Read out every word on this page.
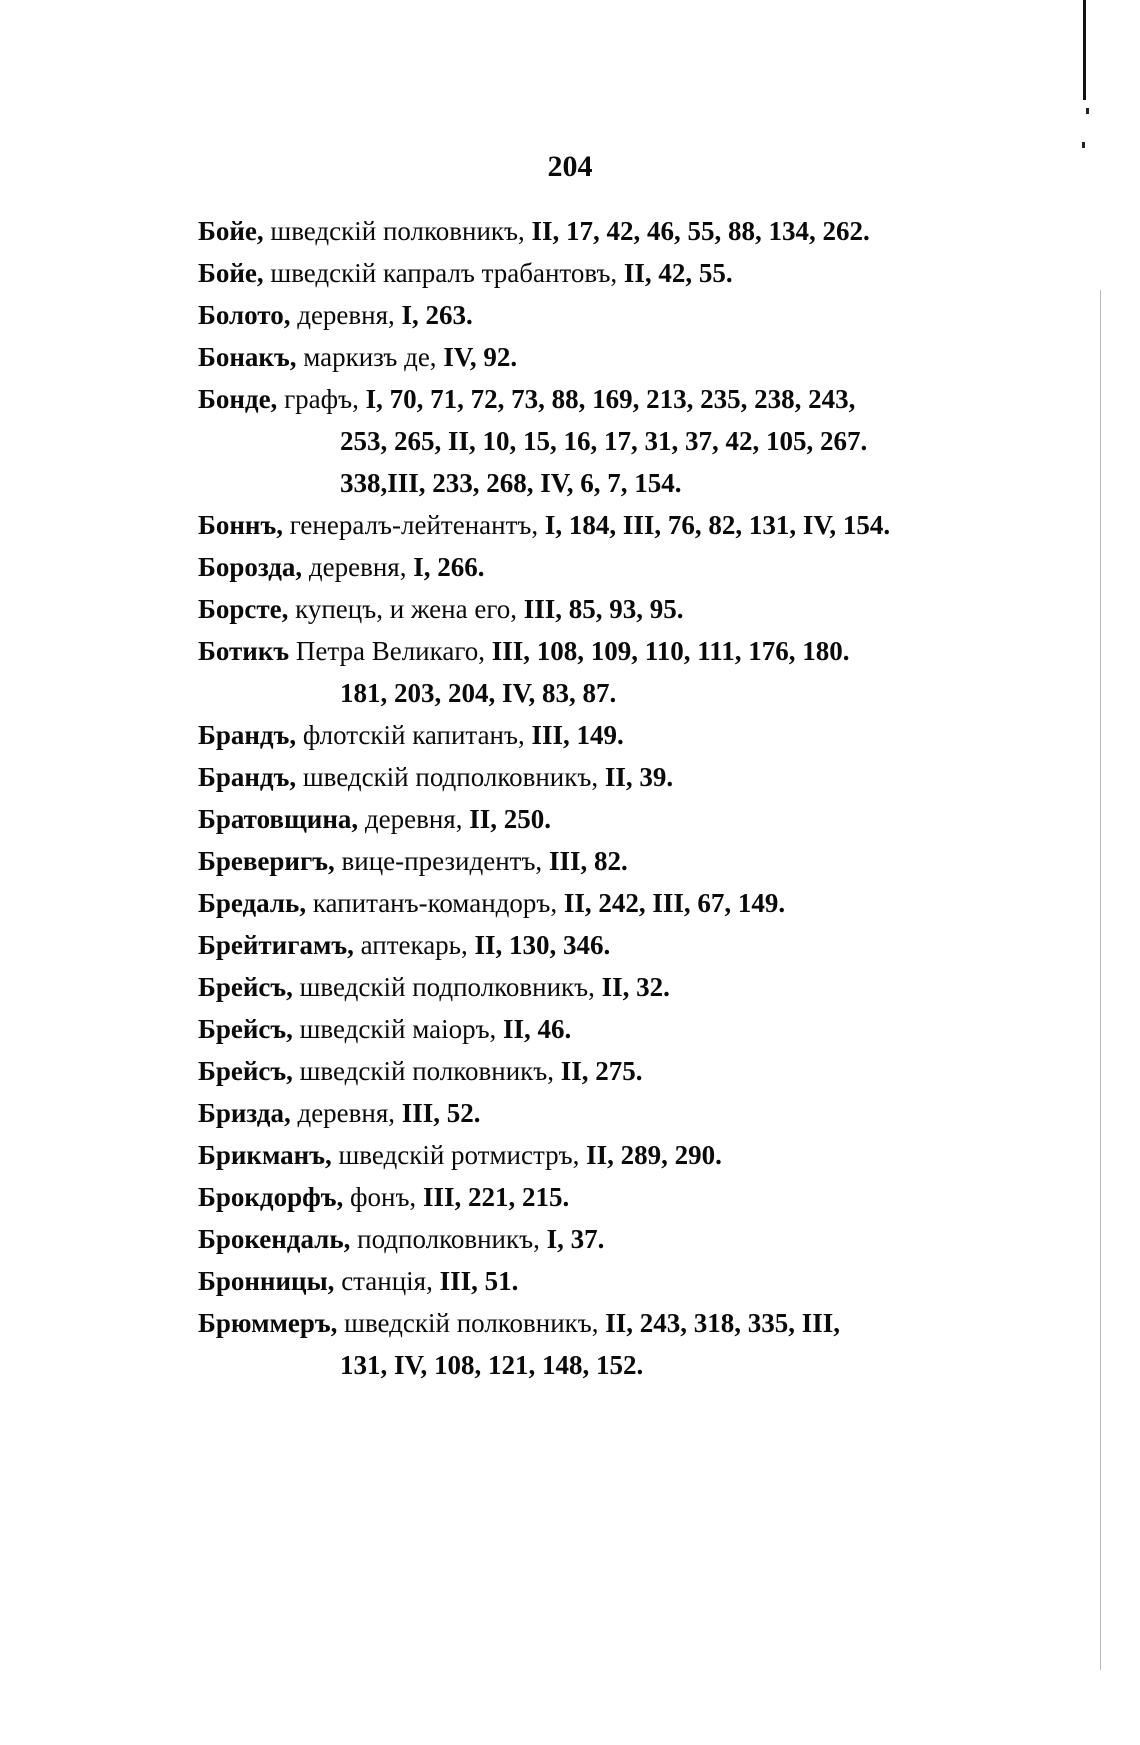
204
Бойе, шведскій полковникъ, II, 17, 42, 46, 55, 88, 134, 262.
Бойе, шведскій капралъ трабантовъ, II, 42, 55.
Болото, деревня, I, 263.
Бонакъ, маркизъ де, IV, 92.
Бонде, графъ, I, 70, 71, 72, 73, 88, 169, 213, 235, 238, 243,
253, 265, II, 10, 15, 16, 17, 31, 37, 42, 105, 267.
338,III, 233, 268, IV, 6, 7, 154.
Боннъ, генералъ-лейтенантъ, I, 184, III, 76, 82, 131, IV, 154.
Борозда, деревня, I, 266.
Борсте, купецъ, и жена его, III, 85, 93, 95.
Ботикъ Петра Великаго, III, 108, 109, 110, 111, 176, 180.
181, 203, 204, IV, 83, 87.
Брандъ, флотскій капитанъ, III, 149.
Брандъ, шведскій подполковникъ, II, 39.
Братовщина, деревня, II, 250.
Бреверигъ, вице-президентъ, III, 82.
Бредаль, капитанъ-командоръ, II, 242, III, 67, 149.
Брейтигамъ, аптекарь, II, 130, 346.
Брейсъ, шведскій подполковникъ, II, 32.
Брейсъ, шведскій маіоръ, II, 46.
Брейсъ, шведскій полковникъ, II, 275.
Бризда, деревня, III, 52.
Брикманъ, шведскій ротмистръ, II, 289, 290.
Брокдорфъ, фонъ, III, 221, 215.
Брокендаль, подполковникъ, I, 37.
Бронницы, станція, III, 51.
Брюммеръ, шведскій полковникъ, II, 243, 318, 335, III,
131, IV, 108, 121, 148, 152.
